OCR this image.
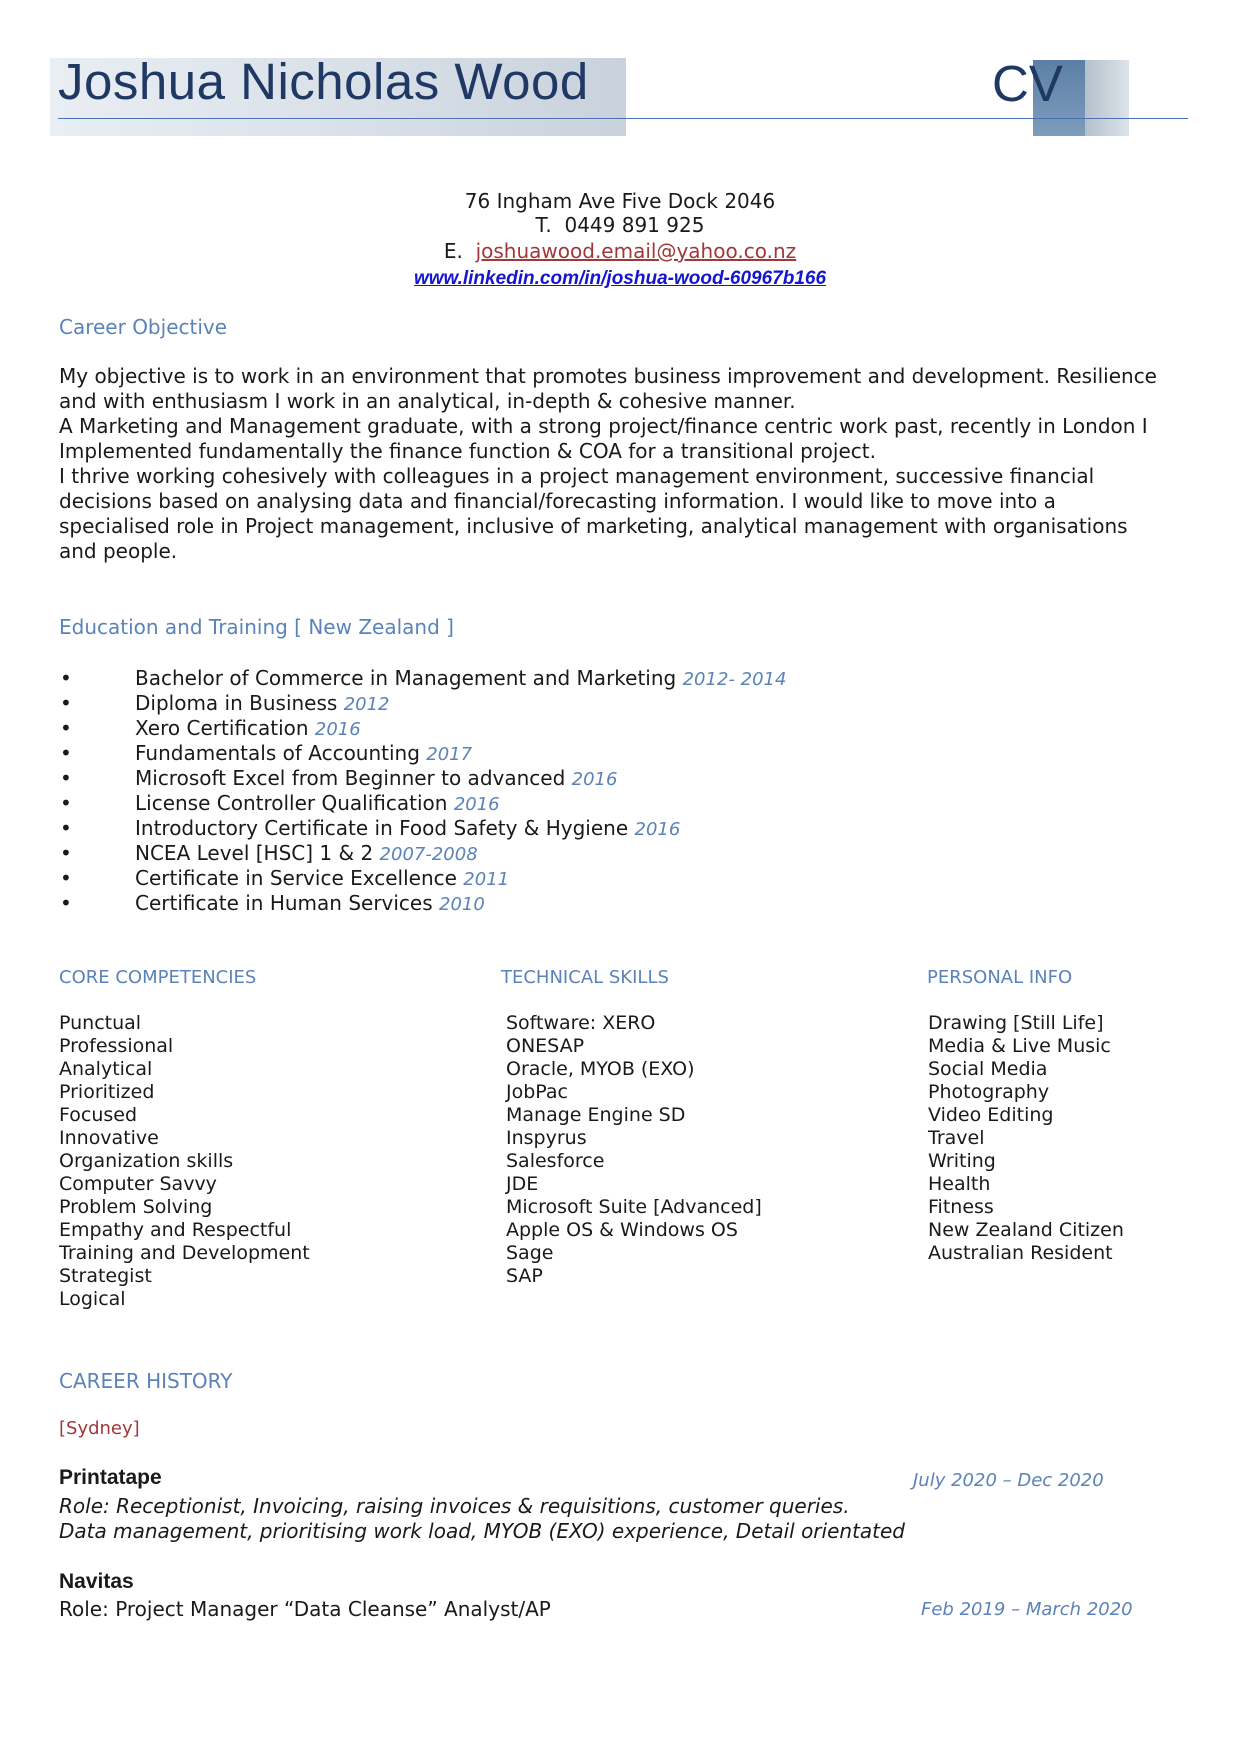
Joshua Nicholas Wood	CV
76 Ingham Ave Five Dock 2046
T. 0449 891 925
E. joshuawood.email@yahoo.co.nz
www.linkedin.com/in/joshua-wood-60967b166
Career Objective
My objective is to work in an environment that promotes business improvement and development. Resilience
and with enthusiasm I work in an analytical, in-depth & cohesive manner.
A Marketing and Management graduate, with a strong project/finance centric work past, recently in London I
Implemented fundamentally the finance function & COA for a transitional project.
I thrive working cohesively with colleagues in a project management environment, successive financial
decisions based on analysing data and financial/forecasting information. I would like to move into a
specialised role in Project management, inclusive of marketing, analytical management with organisations
and people.
Education and Training [ New Zealand ]
•	Bachelor of Commerce in Management and Marketing 2012- 2014
•	Diploma in Business 2012
•	Xero Certification 2016
•	Fundamentals of Accounting 2017
•	Microsoft Excel from Beginner to advanced 2016
•	License Controller Qualification 2016
•	Introductory Certificate in Food Safety & Hygiene 2016
•	NCEA Level [HSC] 1 & 2 2007-2008
•	Certificate in Service Excellence 2011
•	Certificate in Human Services 2010
CORE COMPETENCIES
Punctual
Professional
Analytical
Prioritized
Focused
Innovative
Organization skills
Computer Savvy
Problem Solving
Empathy and Respectful
Training and Development
Strategist
Logical
TECHNICAL SKILLS
Software: XERO
ONESAP
Oracle, MYOB (EXO)
JobPac
Manage Engine SD
Inspyrus
Salesforce
JDE
Microsoft Suite [Advanced]
Apple OS & Windows OS
Sage
SAP
PERSONAL INFO
Drawing [Still Life]
Media & Live Music
Social Media
Photography
Video Editing
Travel
Writing
Health
Fitness
New Zealand Citizen
Australian Resident
CAREER HISTORY
[Sydney]
Printatape	July 2020 – Dec 2020
Role: Receptionist, Invoicing, raising invoices & requisitions, customer queries.
Data management, prioritising work load, MYOB (EXO) experience, Detail orientated
Navitas
Role: Project Manager “Data Cleanse” Analyst/AP	Feb 2019 – March 2020
